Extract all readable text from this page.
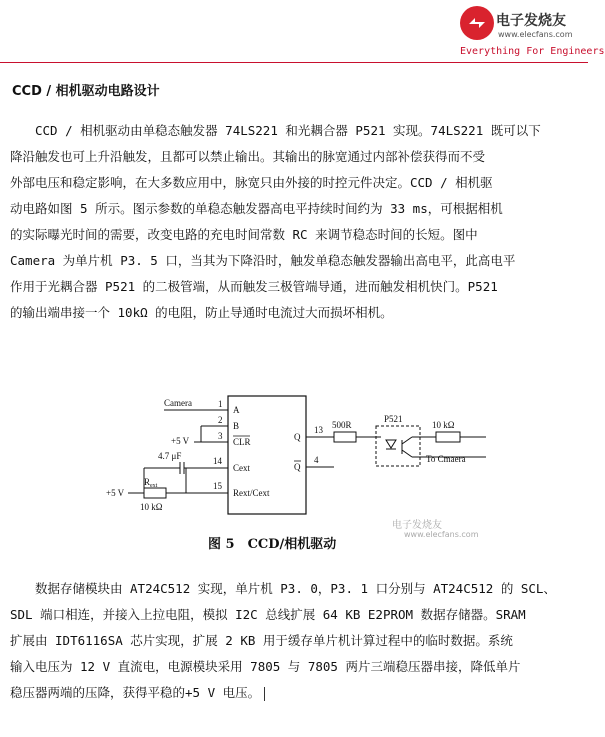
电子发烧友
www.elecfans.com
Everything For Engineers
CCD / 相机驱动电路设计
　　CCD / 相机驱动由单稳态触发器 74LS221 和光耦合器 P521 实现。74LS221 既可以下
降沿触发也可上升沿触发，且都可以禁止输出。其输出的脉宽通过内部补偿获得而不受
外部电压和稳定影响，在大多数应用中，脉宽只由外接的时控元件决定。CCD / 相机驱
动电路如图 5 所示。图示参数的单稳态触发器高电平持续时间约为 33 ms，可根据相机
的实际曝光时间的需要，改变电路的充电时间常数 RC 来调节稳态时间的长短。图中
Camera 为单片机 P3. 5 口，当其为下降沿时，触发单稳态触发器输出高电平，此高电平
作用于光耦合器 P521 的二极管端，从而触发三极管端导通，进而触发相机快门。P521
的输出端串接一个 10kΩ 的电阻，防止导通时电流过大而损坏相机。
Camera	1
A
2
B
+5 V	3
CLR
4.7 μF	14
Cext
+5 V
$R_{ext}$
10 kΩ
15
Rext/Cext
Q
Q
13
4
500R
P521
10 kΩ
To Cmaera
电子发烧友
www.elecfans.com
图 5　CCD/相机驱动
　　数据存储模块由 AT24C512 实现，单片机 P3. 0，P3. 1 口分别与 AT24C512 的 SCL、
SDL 端口相连，并接入上拉电阻，模拟 I2C 总线扩展 64 KB E2PROM 数据存储器。SRAM
扩展由 IDT6116SA 芯片实现，扩展 2 KB 用于缓存单片机计算过程中的临时数据。系统
输入电压为 12 V 直流电，电源模块采用 7805 与 7805 两片三端稳压器串接，降低单片
稳压器两端的压降，获得平稳的+5 V 电压。
